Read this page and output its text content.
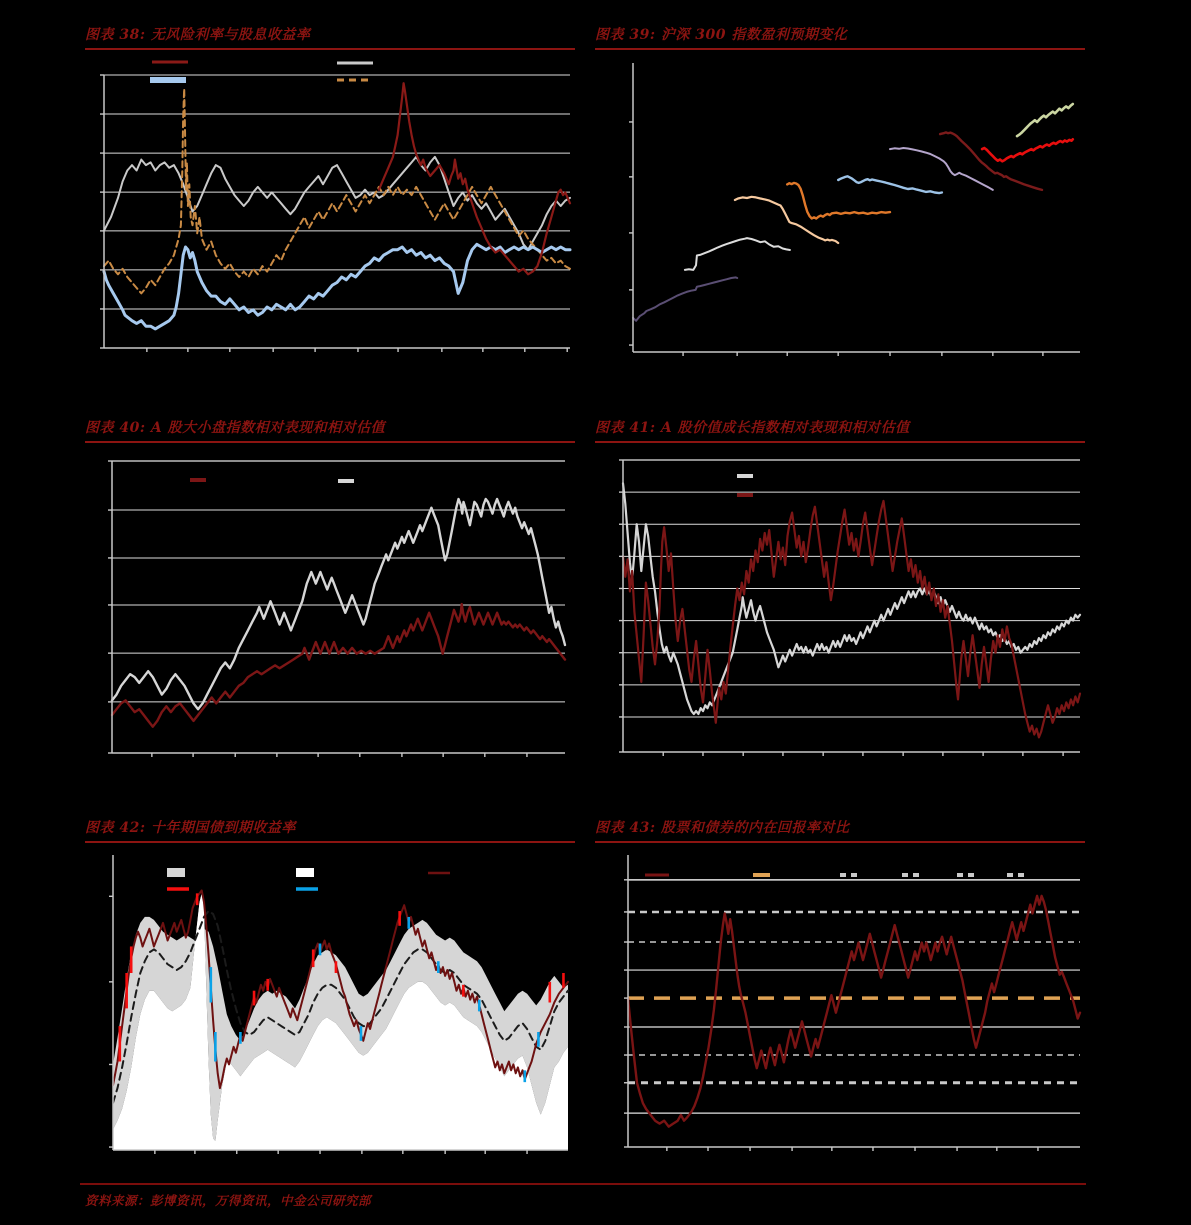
图表 38: 无风险利率与股息收益率	图表 39: 沪深 300 指数盈利预期变化
图表 40: A 股大小盘指数相对表现和相对估值	图表 41: A 股价值成长指数相对表现和相对估值
图表 42: 十年期国债到期收益率	图表 43: 股票和债券的内在回报率对比
资料来源：彭博资讯，万得资讯，中金公司研究部
